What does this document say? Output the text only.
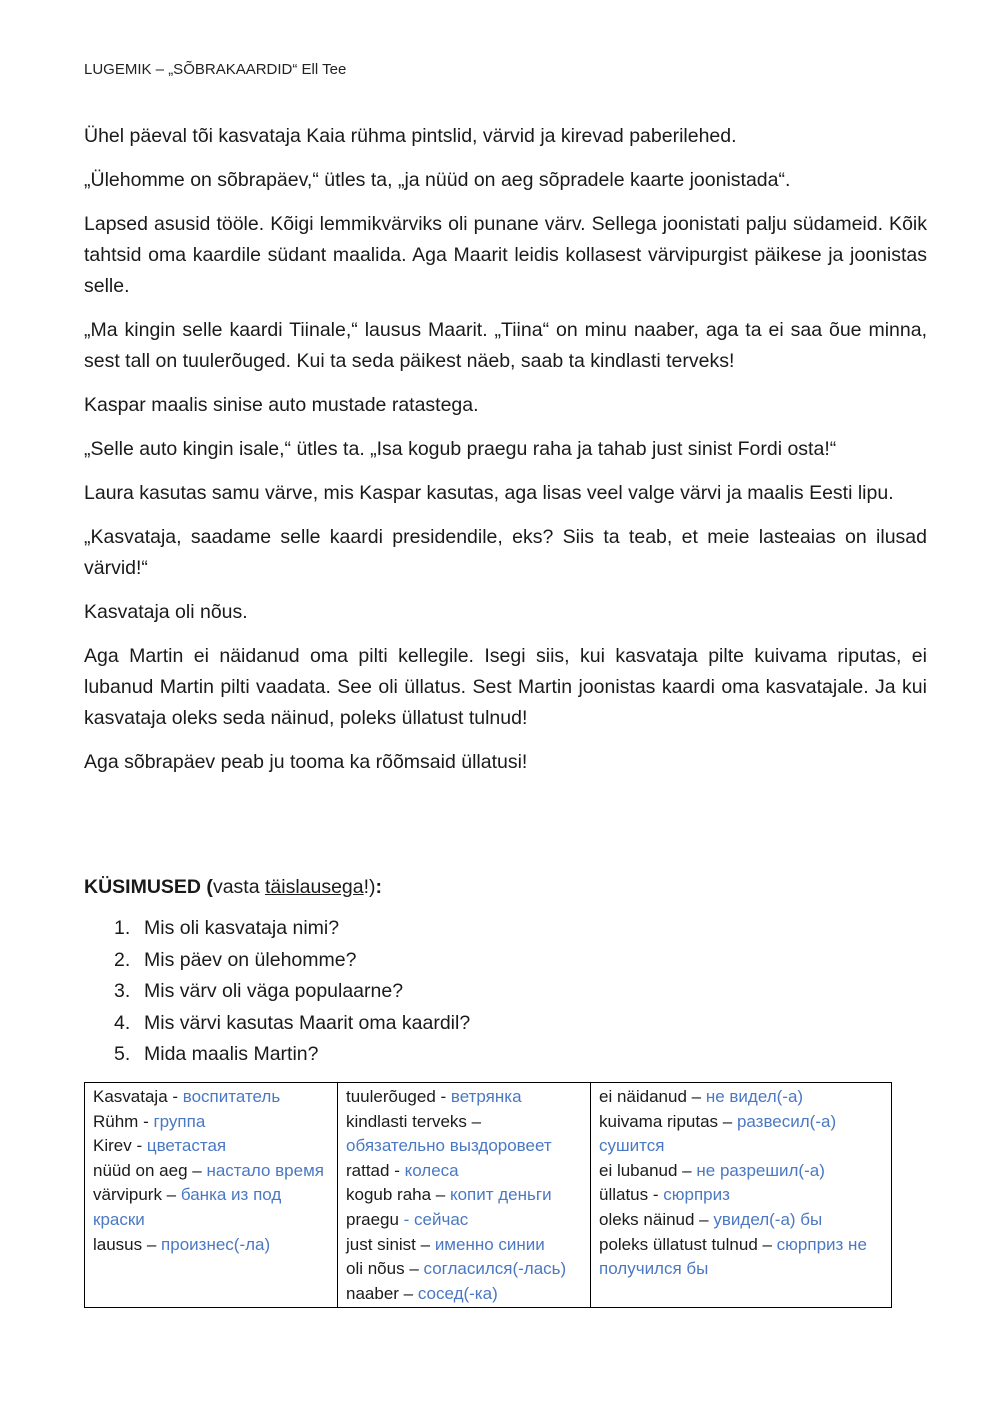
LUGEMIK – „SÕBRAKAARDID“ Ell Tee

Ühel päeval tõi kasvataja Kaia rühma pintslid, värvid ja kirevad paberilehed.

„Ülehomme on sõbrapäev,“ ütles ta, „ja nüüd on aeg sõpradele kaarte joonistada“.

Lapsed asusid tööle. Kõigi lemmikvärviks oli punane värv. Sellega joonistati palju südameid. Kõik tahtsid oma kaardile südant maalida. Aga Maarit leidis kollasest värvipurgist päikese ja joonistas selle.

„Ma kingin selle kaardi Tiinale,“ lausus Maarit. „Tiina“ on minu naaber, aga ta ei saa õue minna, sest tall on tuulerõuged. Kui ta seda päikest näeb, saab ta kindlasti terveks!

Kaspar maalis sinise auto mustade ratastega.

„Selle auto kingin isale,“ ütles ta. „Isa kogub praegu raha ja tahab just sinist Fordi osta!“

Laura kasutas samu värve, mis Kaspar kasutas, aga lisas veel valge värvi ja maalis Eesti lipu.

„Kasvataja, saadame selle kaardi presidendile, eks? Siis ta teab, et meie lasteaias on ilusad värvid!“

Kasvataja oli nõus.

Aga Martin ei näidanud oma pilti kellegile. Isegi siis, kui kasvataja pilte kuivama riputas, ei lubanud Martin pilti vaadata. See oli üllatus. Sest Martin joonistas kaardi oma kasvatajale. Ja kui kasvataja oleks seda näinud, poleks üllatust tulnud!

Aga sõbrapäev peab ju tooma ka rõõmsaid üllatusi!

KÜSIMUSED (vasta täislausega!):

1. Mis oli kasvataja nimi?
2. Mis päev on ülehomme?
3. Mis värv oli väga populaarne?
4. Mis värvi kasutas Maarit oma kaardil?
5. Mida maalis Martin?
Kasvataja - воспитатель
Rühm - группа
Kirev - цветастая
nüüd on aeg – настало время
värvipurk – банка из под краски
lausus – произнес(-ла)

tuulerõuged - ветрянка
kindlasti terveks – обязательно выздоровеет
rattad - колеса
kogub raha – копит деньги
praegu - сейчас
just sinist – именно синии
oli nõus – согласился(-лась)
naaber – сосед(-ка)

ei näidanud – не видел(-а)
kuivama riputas – развесил(-а) сушится
ei lubanud – не разрешил(-а)
üllatus - сюрприз
oleks näinud – увидел(-а) бы
poleks üllatust tulnud – сюрприз не получился бы
